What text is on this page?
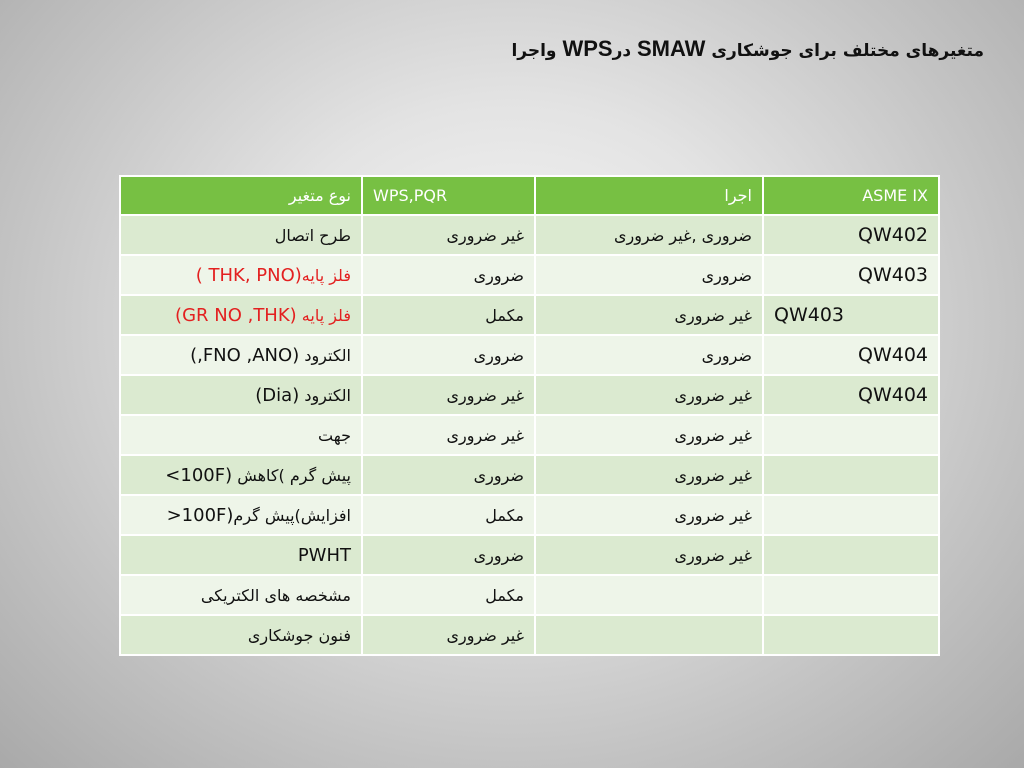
متغیرهای مختلف برای جوشکاری SMAW درWPS واجرا
نوع متغیر	WPS,PQR	اجرا	ASME IX
طرح اتصال	غیر ضروری	ضروری ,غیر ضروری	QW402
فلز پایه(THK, PNO )	ضروری	ضروری	QW403
فلز پایه (GR NO ,THK)	مکمل	غیر ضروری	QW403
الکترود (FNO ,ANO,)	ضروری	ضروری	QW404
الکترود (Dia)	غیر ضروری	غیر ضروری	QW404
جهت	غیر ضروری	غیر ضروری	
پیش گرم )کاهش (100F>	ضروری	غیر ضروری	
افزایش)پیش گرم(100F<	مکمل	غیر ضروری	
PWHT	ضروری	غیر ضروری	
مشخصه های الکتریکی	مکمل		
فنون جوشکاری	غیر ضروری		
